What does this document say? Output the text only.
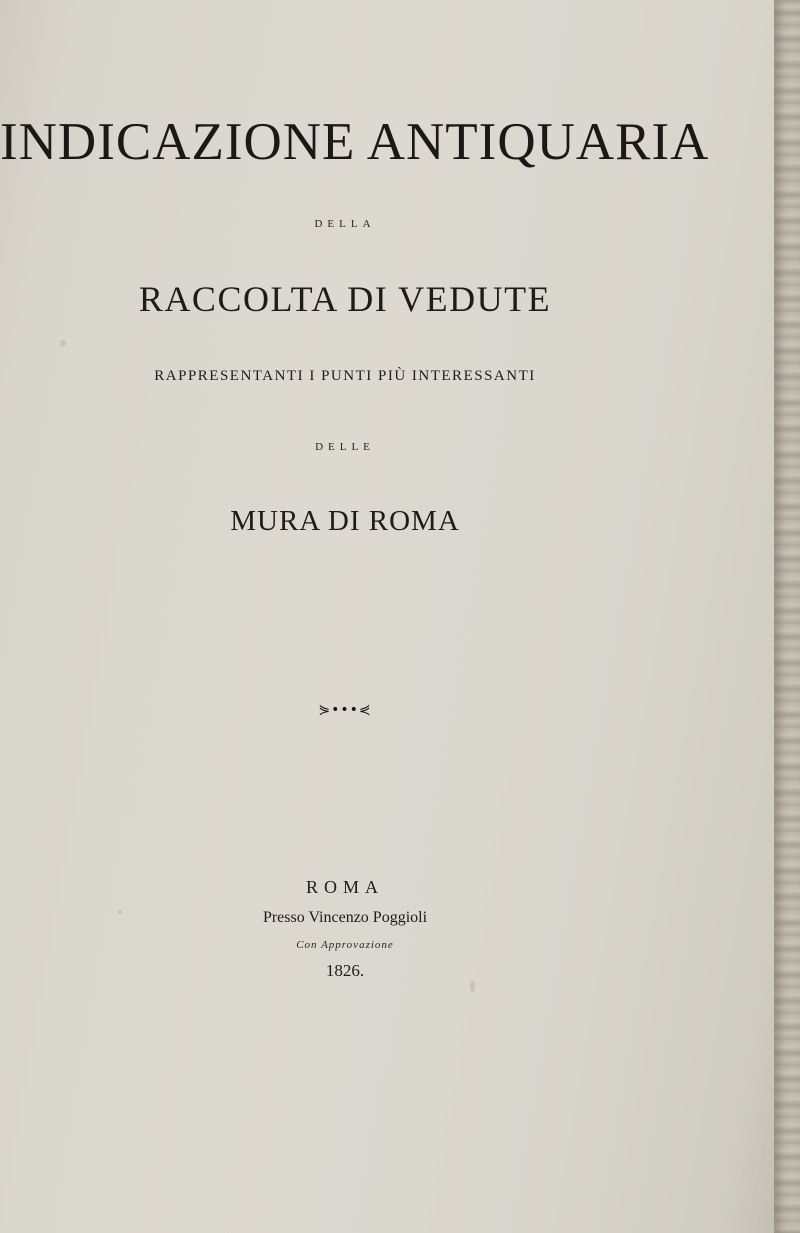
INDICAZIONE ANTIQUARIA
DELLA
RACCOLTA DI VEDUTE
RAPPRESENTANTI I PUNTI PIÙ INTERESSANTI
DELLE
MURA DI ROMA
⋟•••⋞
ROMA
Presso Vincenzo Poggioli
Con Approvazione
1826.
